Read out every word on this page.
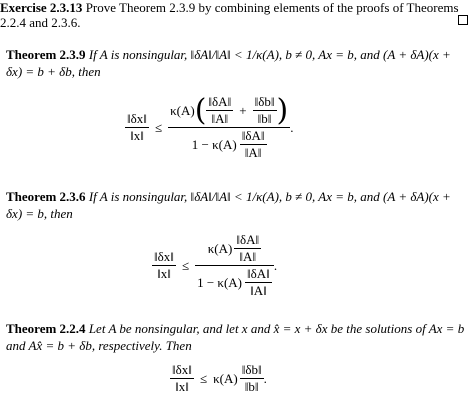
Exercise 2.3.13 Prove Theorem 2.3.9 by combining elements of the proofs of Theorems 2.2.4 and 2.3.6.
Theorem 2.3.9 If A is nonsingular, ‖δA‖/‖A‖ < 1/κ(A), b ≠ 0, Ax = b, and (A + δA)(x + δx) = b + δb, then
$\frac{‖\delta x‖}{‖x‖}$ ≤
κ(A) ( $\frac{‖\delta A‖}{‖A‖} + \frac{‖\delta b‖}{‖b‖}$ )
$1 - \kappa(A) \frac{‖\delta A‖}{‖A‖}$
.
Theorem 2.3.6 If A is nonsingular, ‖δA‖/‖A‖ < 1/κ(A), b ≠ 0, Ax = b, and (A + δA)(x + δx) = b, then
$\frac{‖\delta x‖}{‖x‖} \le \frac{\kappa(A) \frac{‖\delta A‖}{‖A‖}}{1 - \kappa(A) \frac{‖\delta A‖}{‖A‖}}$ .
Theorem 2.2.4 Let A be nonsingular, and let x and x̂ = x + δx be the solutions of Ax = b and Ax̂ = b + δb, respectively. Then
$\frac{‖\delta x‖}{‖x‖} \le \kappa(A) \frac{‖\delta b‖}{‖b‖}$ .
